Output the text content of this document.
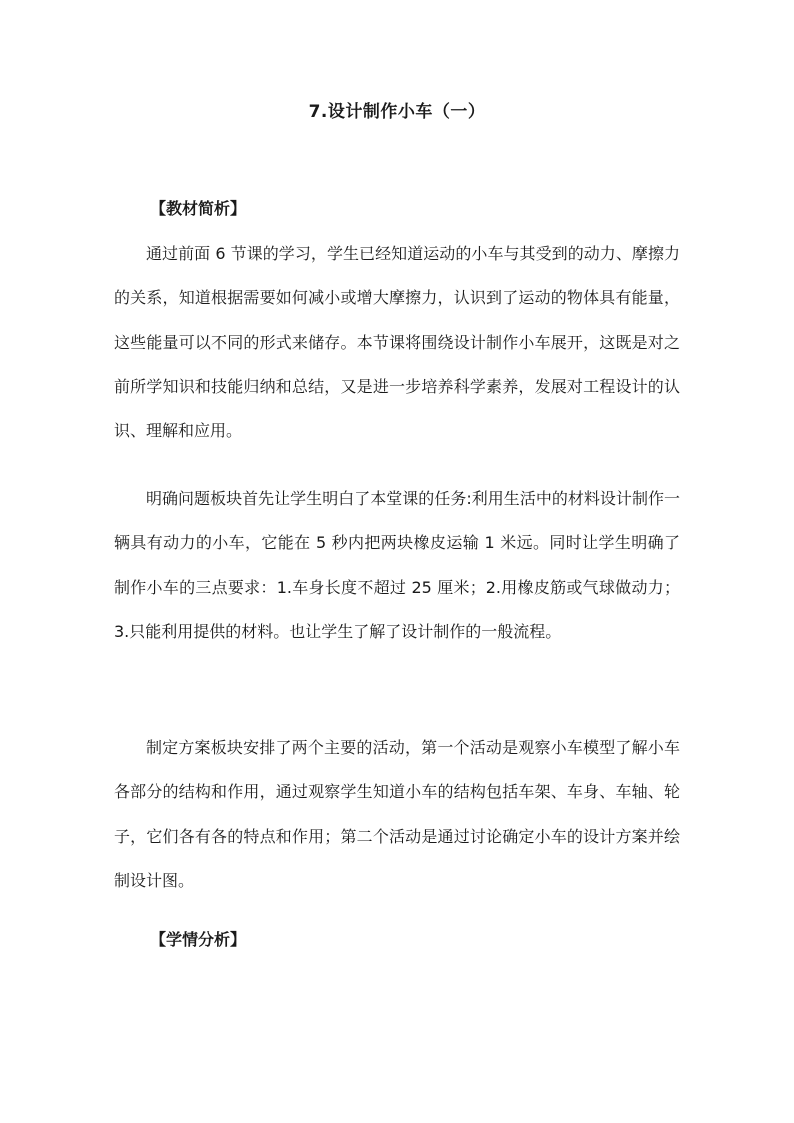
7.设计制作小车（一）
【教材简析】
通过前面 6 节课的学习，学生已经知道运动的小车与其受到的动力、摩擦力的关系，知道根据需要如何减小或增大摩擦力，认识到了运动的物体具有能量，这些能量可以不同的形式来储存。本节课将围绕设计制作小车展开，这既是对之前所学知识和技能归纳和总结，又是进一步培养科学素养，发展对工程设计的认识、理解和应用。
明确问题板块首先让学生明白了本堂课的任务:利用生活中的材料设计制作一辆具有动力的小车，它能在 5 秒内把两块橡皮运输 1 米远。同时让学生明确了制作小车的三点要求：1.车身长度不超过 25 厘米；2.用橡皮筋或气球做动力；3.只能利用提供的材料。也让学生了解了设计制作的一般流程。
制定方案板块安排了两个主要的活动，第一个活动是观察小车模型了解小车各部分的结构和作用，通过观察学生知道小车的结构包括车架、车身、车轴、轮子，它们各有各的特点和作用；第二个活动是通过讨论确定小车的设计方案并绘制设计图。
【学情分析】
